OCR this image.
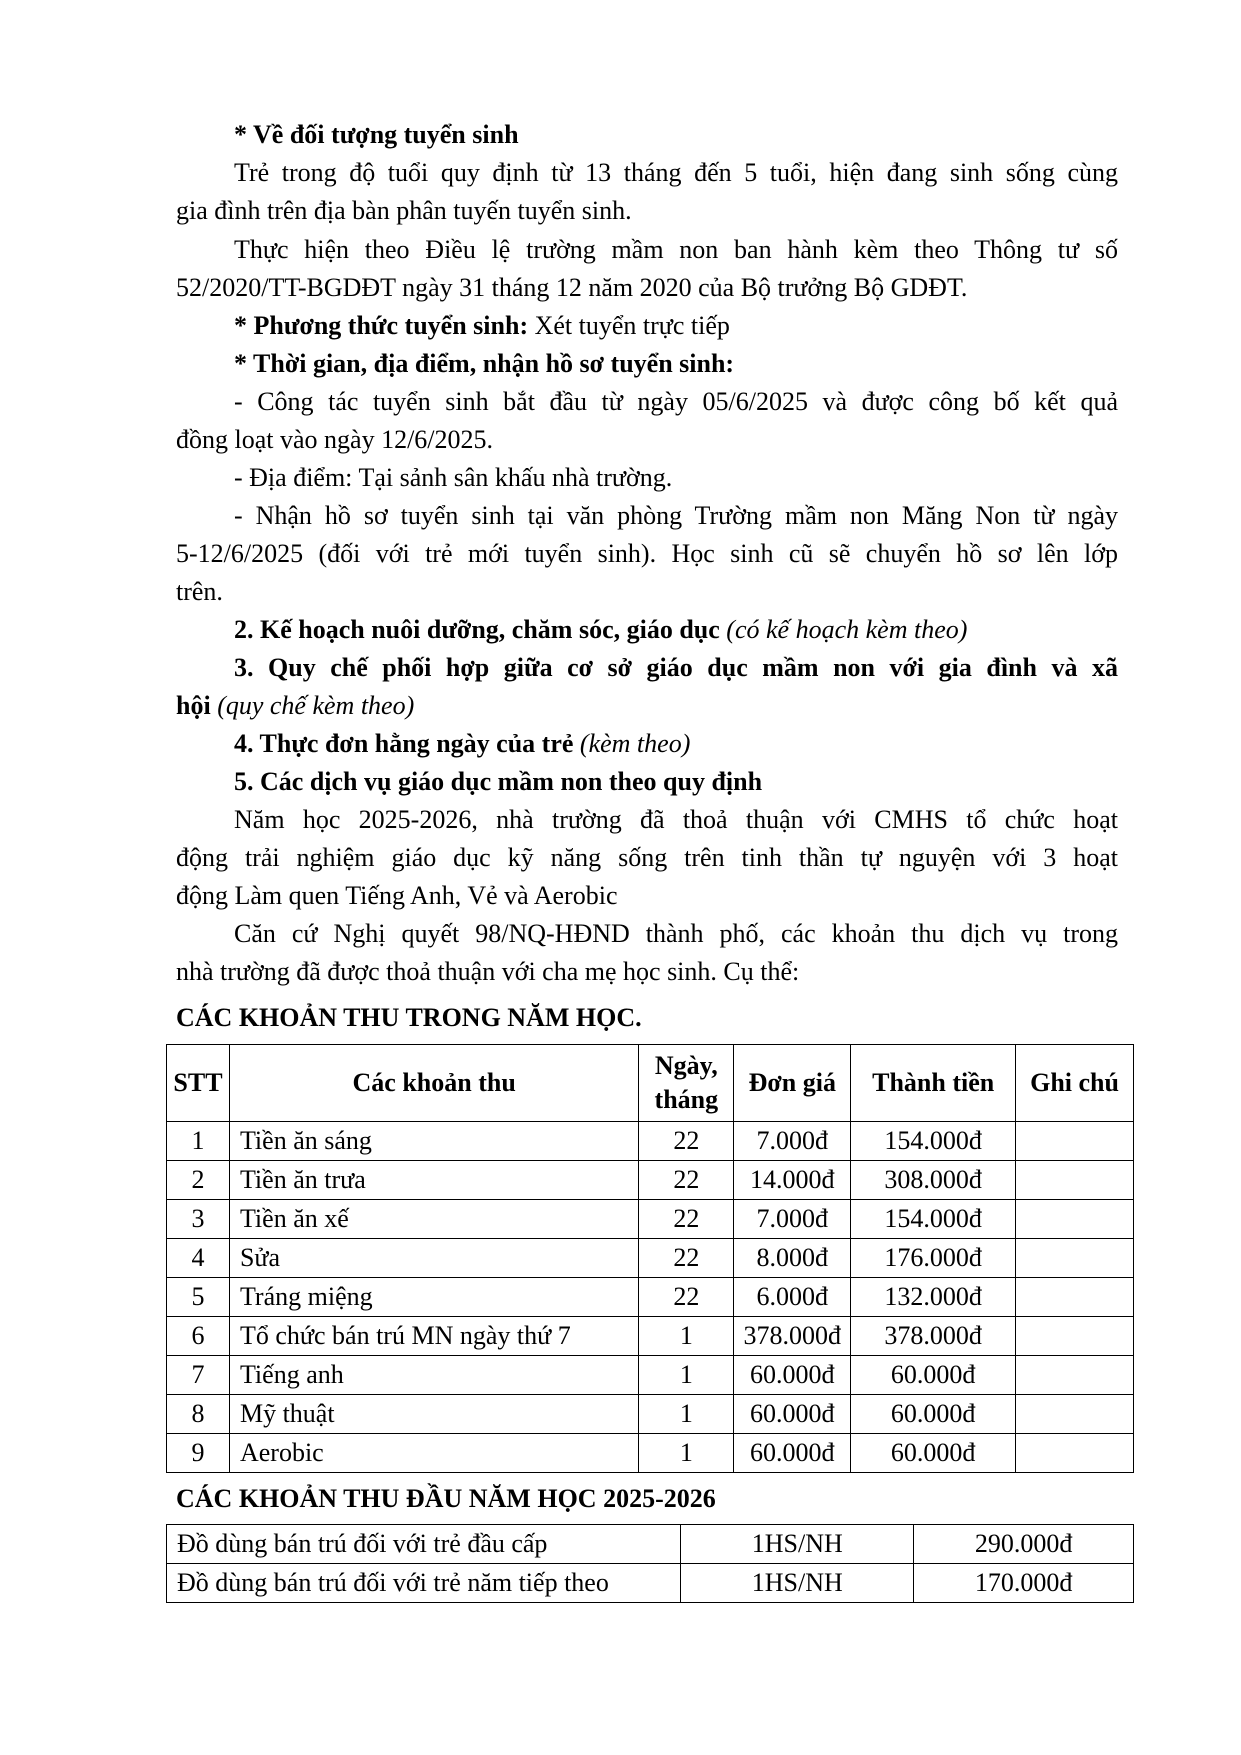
* Về đối tượng tuyển sinh
Trẻ trong độ tuổi quy định từ 13 tháng đến 5 tuổi, hiện đang sinh sống cùng
gia đình trên địa bàn phân tuyến tuyển sinh.
Thực hiện theo Điều lệ trường mầm non ban hành kèm theo Thông tư số
52/2020/TT-BGDĐT ngày 31 tháng 12 năm 2020 của Bộ trưởng Bộ GDĐT.
* Phương thức tuyển sinh: Xét tuyển trực tiếp
* Thời gian, địa điểm, nhận hồ sơ tuyển sinh:
- Công tác tuyển sinh bắt đầu từ ngày 05/6/2025 và được công bố kết quả
đồng loạt vào ngày 12/6/2025.
- Địa điểm: Tại sảnh sân khấu nhà trường.
- Nhận hồ sơ tuyển sinh tại văn phòng Trường mầm non Măng Non từ ngày
5-12/6/2025 (đối với trẻ mới tuyển sinh). Học sinh cũ sẽ chuyển hồ sơ lên lớp
trên.
2. Kế hoạch nuôi dưỡng, chăm sóc, giáo dục (có kế hoạch kèm theo)
3. Quy chế phối hợp giữa cơ sở giáo dục mầm non với gia đình và xã
hội (quy chế kèm theo)
4. Thực đơn hằng ngày của trẻ (kèm theo)
5. Các dịch vụ giáo dục mầm non theo quy định
Năm học 2025-2026, nhà trường đã thoả thuận với CMHS tổ chức hoạt
động trải nghiệm giáo dục kỹ năng sống trên tinh thần tự nguyện với 3 hoạt
động Làm quen Tiếng Anh, Vẻ và Aerobic
Căn cứ Nghị quyết 98/NQ-HĐND thành phố, các khoản thu dịch vụ trong
nhà trường đã được thoả thuận với cha mẹ học sinh. Cụ thể:
CÁC KHOẢN THU TRONG NĂM HỌC.
STT	Các khoản thu	Ngày, tháng	Đơn giá	Thành tiền	Ghi chú
1	Tiền ăn sáng	22	7.000đ	154.000đ	
2	Tiền ăn trưa	22	14.000đ	308.000đ	
3	Tiền ăn xế	22	7.000đ	154.000đ	
4	Sửa	22	8.000đ	176.000đ	
5	Tráng miệng	22	6.000đ	132.000đ	
6	Tổ chức bán trú MN ngày thứ 7	1	378.000đ	378.000đ	
7	Tiếng anh	1	60.000đ	60.000đ	
8	Mỹ thuật	1	60.000đ	60.000đ	
9	Aerobic	1	60.000đ	60.000đ	
CÁC KHOẢN THU ĐẦU NĂM HỌC 2025-2026
Đồ dùng bán trú đối với trẻ đầu cấp	1HS/NH	290.000đ
Đồ dùng bán trú đối với trẻ năm tiếp theo	1HS/NH	170.000đ
